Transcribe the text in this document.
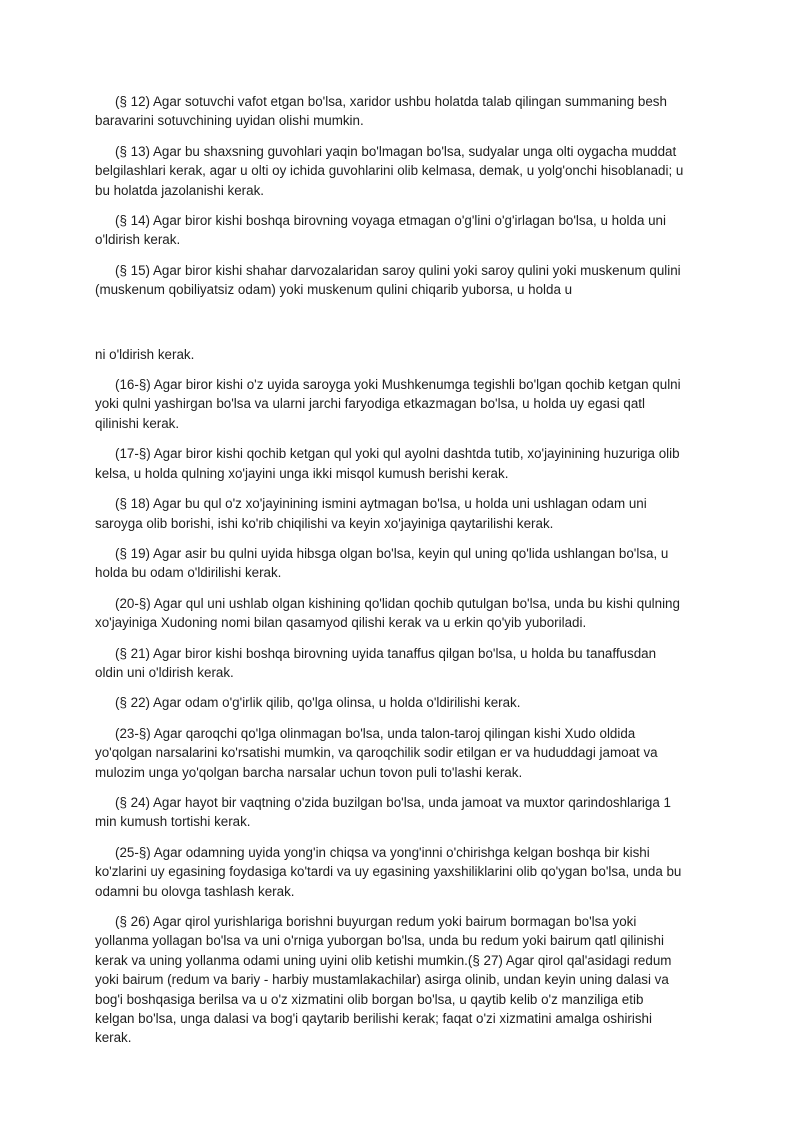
(§ 12) Agar sotuvchi vafot etgan bo'lsa, xaridor ushbu holatda talab qilingan summaning besh baravarini sotuvchining uyidan olishi mumkin.

(§ 13) Agar bu shaxsning guvohlari yaqin bo'lmagan bo'lsa, sudyalar unga olti oygacha muddat belgilashlari kerak, agar u olti oy ichida guvohlarini olib kelmasa, demak, u yolg'onchi hisoblanadi; u bu holatda jazolanishi kerak.

(§ 14) Agar biror kishi boshqa birovning voyaga etmagan o'g'lini o'g'irlagan bo'lsa, u holda uni o'ldirish kerak.

(§ 15) Agar biror kishi shahar darvozalaridan saroy qulini yoki saroy qulini yoki muskenum qulini (muskenum qobiliyatsiz odam) yoki muskenum qulini chiqarib yuborsa, u holda u

ni o'ldirish kerak.

(16-§) Agar biror kishi o'z uyida saroyga yoki Mushkenumga tegishli bo'lgan qochib ketgan qulni yoki qulni yashirgan bo'lsa va ularni jarchi faryodiga etkazmagan bo'lsa, u holda uy egasi qatl qilinishi kerak.

(17-§) Agar biror kishi qochib ketgan qul yoki qul ayolni dashtda tutib, xo'jayinining huzuriga olib kelsa, u holda qulning xo'jayini unga ikki misqol kumush berishi kerak.

(§ 18) Agar bu qul o'z xo'jayinining ismini aytmagan bo'lsa, u holda uni ushlagan odam uni saroyga olib borishi, ishi ko'rib chiqilishi va keyin xo'jayiniga qaytarilishi kerak.

(§ 19) Agar asir bu qulni uyida hibsga olgan bo'lsa, keyin qul uning qo'lida ushlangan bo'lsa, u holda bu odam o'ldirilishi kerak.

(20-§) Agar qul uni ushlab olgan kishining qo'lidan qochib qutulgan bo'lsa, unda bu kishi qulning xo'jayiniga Xudoning nomi bilan qasamyod qilishi kerak va u erkin qo'yib yuboriladi.

(§ 21) Agar biror kishi boshqa birovning uyida tanaffus qilgan bo'lsa, u holda bu tanaffusdan oldin uni o'ldirish kerak.

(§ 22) Agar odam o'g'irlik qilib, qo'lga olinsa, u holda o'ldirilishi kerak.

(23-§) Agar qaroqchi qo'lga olinmagan bo'lsa, unda talon-taroj qilingan kishi Xudo oldida yo'qolgan narsalarini ko'rsatishi mumkin, va qaroqchilik sodir etilgan er va hududdagi jamoat va mulozim unga yo'qolgan barcha narsalar uchun tovon puli to'lashi kerak.

(§ 24) Agar hayot bir vaqtning o'zida buzilgan bo'lsa, unda jamoat va muxtor qarindoshlariga 1 min kumush tortishi kerak.

(25-§) Agar odamning uyida yong'in chiqsa va yong'inni o'chirishga kelgan boshqa bir kishi ko'zlarini uy egasining foydasiga ko'tardi va uy egasining yaxshiliklarini olib qo'ygan bo'lsa, unda bu odamni bu olovga tashlash kerak.

(§ 26) Agar qirol yurishlariga borishni buyurgan redum yoki bairum bormagan bo'lsa yoki yollanma yollagan bo'lsa va uni o'rniga yuborgan bo'lsa, unda bu redum yoki bairum qatl qilinishi kerak va uning yollanma odami uning uyini olib ketishi mumkin.(§ 27) Agar qirol qal'asidagi redum yoki bairum (redum va bariy - harbiy mustamlakachilar) asirga olinib, undan keyin uning dalasi va bog'i boshqasiga berilsa va u o'z xizmatini olib borgan bo'lsa, u qaytib kelib o'z manziliga etib kelgan bo'lsa, unga dalasi va bog'i qaytarib berilishi kerak; faqat o'zi xizmatini amalga oshirishi kerak.
